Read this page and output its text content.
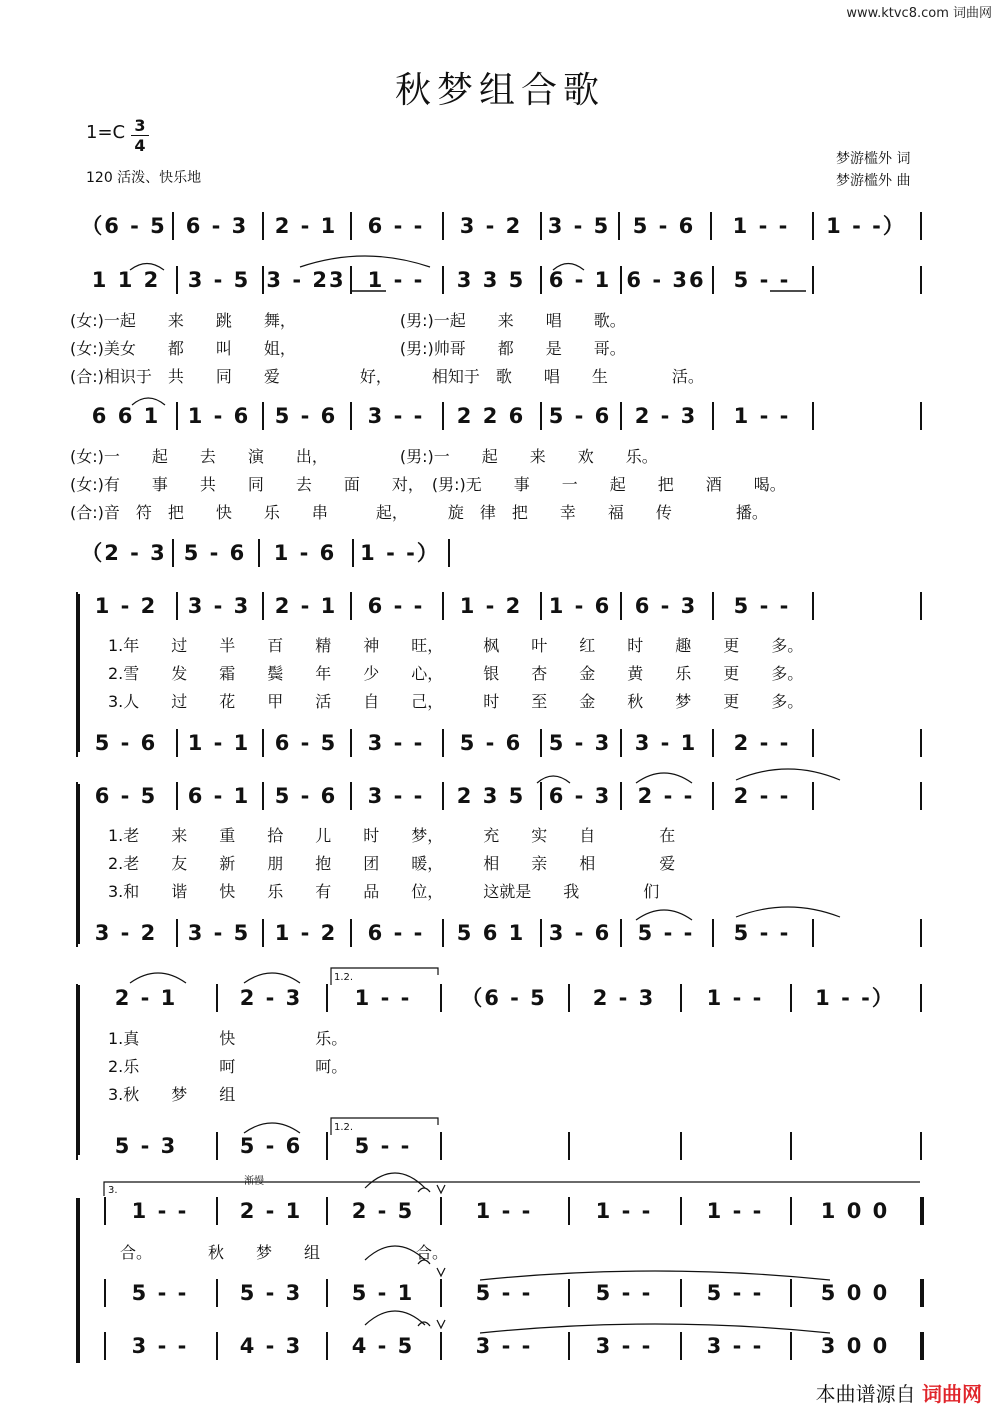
www.ktvc8.com 词曲网
秋梦组合歌
$1=C \frac{3}{4}$
120 活泼、快乐地
梦游槛外 词
梦游槛外 曲
（6 - 5 6 - 3	2 - 1	6 - -	3 - 2	3 - 5	5 - 6	1 - -	1 - -）
1 1 2	3 - 5 3 - 23	1 - -	3 3 5	6 - 1 6 - 36	5 - -
6 6 1	1 - 6	5 - 6	3 - -	2 2 6	5 - 6	2 - 3	1 - -
（2 - 3 5 - 6	1 - 6	1 - -）
1 - 2	3 - 3	2 - 1	6 - -	1 - 2	1 - 6	6 - 3	5 - -
5 - 6	1 - 1	6 - 5	3 - -	5 - 6	5 - 3	3 - 1	2 - -
6 - 5	6 - 1	5 - 6	3 - -	2 3 5	6 - 3	2 - -	2 - -
3 - 2	3 - 5	1 - 2	6 - -	5 6 1	3 - 6	5 - -	5 - -
2 - 1	2 - 3	1 - -	（6 - 5	2 - 3	1 - -	1 - -）
5 - 3	5 - 6	5 - -
1 - -	2 - 1	2 - 5	1 - -	1 - -	1 - -	1 0 0
5 - -	5 - 3	5 - 1	5 - -	5 - -	5 - -	5 0 0
3 - -	4 - 3	4 - 5	3 - -	3 - -	3 - -	3 0 0
(女:)一起　　来　　跳　　舞，　　　　　　　(男:)一起　　来　　唱　　歌。
(女:)美女　　都　　叫　　姐，　　　　　　　(男:)帅哥　　都　　是　　哥。
(合:)相识于　共　　同　　爱　　　　　好，　　　相知于　歌　　唱　　生　　　　活。
(女:)一　　起　　去　　演　　出，　　　　　(男:)一　　起　　来　　欢　　乐。
(女:)有　　事　　共　　同　　去　　面　　对，　(男:)无　　事　　一　　起　　把　　酒　　喝。
(合:)音　符　把　　快　　乐　　串　　　起，　　　旋　律　把　　幸　　福　　传　　　　播。
1.年　　过　　半　　百　　精　　神　　旺，　　　枫　　叶　　红　　时　　趣　　更　　多。
2.雪　　发　　霜　　鬓　　年　　少　　心，　　　银　　杏　　金　　黄　　乐　　更　　多。
3.人　　过　　花　　甲　　活　　自　　己，　　　时　　至　　金　　秋　　梦　　更　　多。
1.老　　来　　重　　拾　　儿　　时　　梦，　　　充　　实　　自　　　　在
2.老　　友　　新　　朋　　抱　　团　　暖，　　　相　　亲　　相　　　　爱
3.和　　谐　　快　　乐　　有　　品　　位，　　　这就是　　我　　　　们
1.真　　　　　快　　　　　乐。
2.乐　　　　　呵　　　　　呵。
3.秋　　梦　　组
合。　　　　秋　　梦　　组　　　　　　合。
1.2.
1.2.
3.
渐慢
本曲谱源自 词曲网
